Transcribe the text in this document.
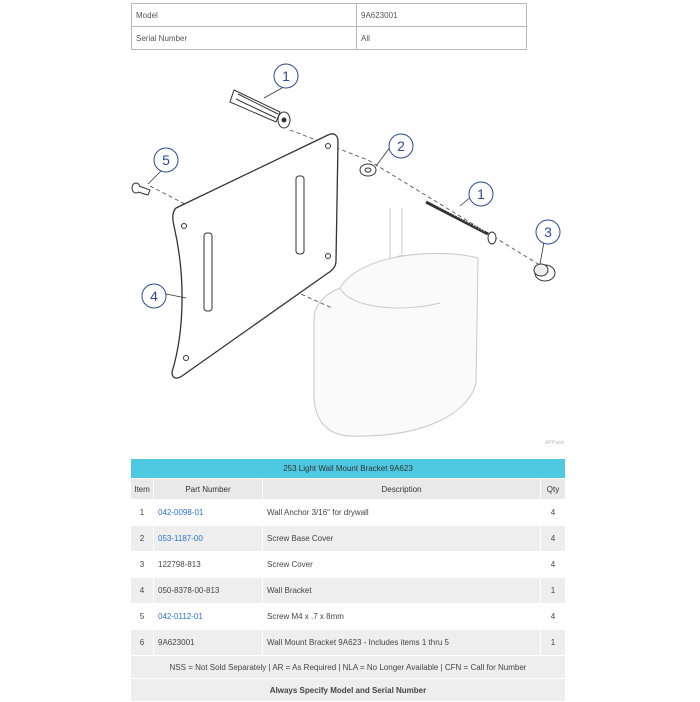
Model	9A623001
Serial Number	All
1
2
1
3
4
5
APPants
253 Light Wall Mount Bracket 9A623			
Item	Part Number	Description	Qty
1	042-0098-01	Wall Anchor 3/16" for drywall	4
2	053-1187-00	Screw Base Cover	4
3	122798-813	Screw Cover	4
4	050-8378-00-813	Wall Bracket	1
5	042-0112-01	Screw M4 x .7 x 8mm	4
6	9A623001	Wall Mount Bracket 9A623 - Includes items 1 thru 5	1
NSS = Not Sold Separately | AR = As Required | NLA = No Longer Available | CFN = Call for Number			
Always Specify Model and Serial Number			
